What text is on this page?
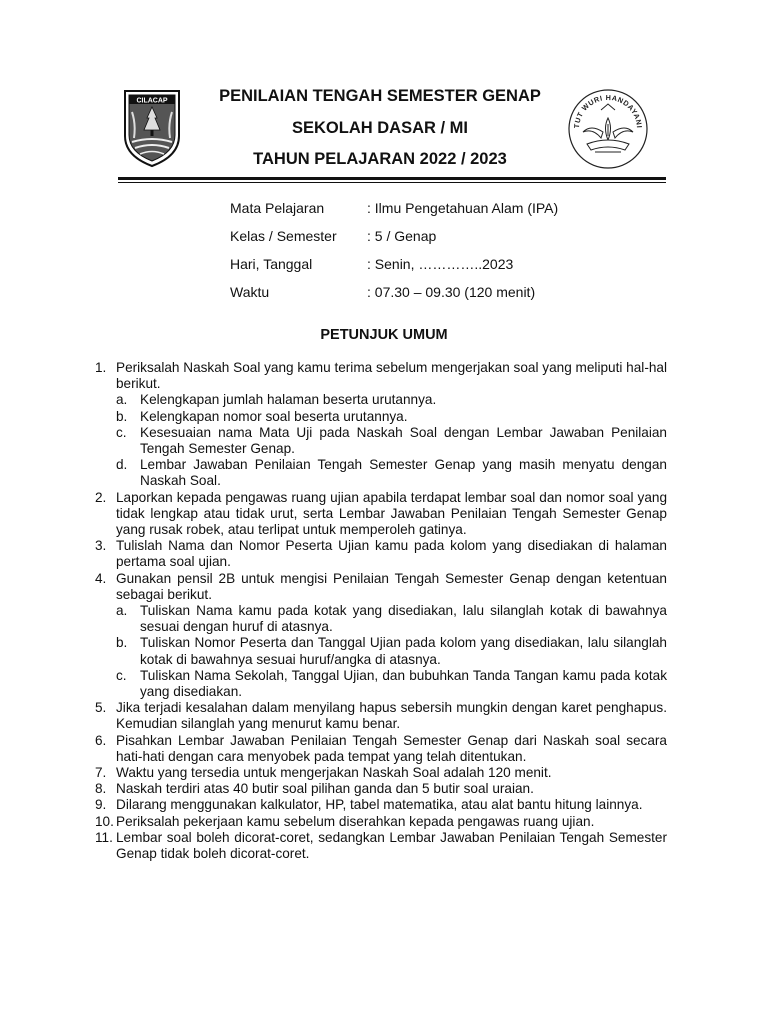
CILACAP	PENILAIAN TENGAH SEMESTER GENAP
SEKOLAH DASAR / MI
TAHUN PELAJARAN 2022 / 2023
TUT WURI HANDAYANI
Mata Pelajaran	: Ilmu Pengetahuan Alam (IPA)
Kelas / Semester	: 5 / Genap
Hari, Tanggal	: Senin, …………..2023
Waktu	: 07.30 – 09.30 (120 menit)
PETUNJUK UMUM
1. Periksalah Naskah Soal yang kamu terima sebelum mengerjakan soal yang meliputi hal-hal berikut.
a. Kelengkapan jumlah halaman beserta urutannya.
b. Kelengkapan nomor soal beserta urutannya.
c. Kesesuaian nama Mata Uji pada Naskah Soal dengan Lembar Jawaban Penilaian Tengah Semester Genap.
d. Lembar Jawaban Penilaian Tengah Semester Genap yang masih menyatu dengan Naskah Soal.
2. Laporkan kepada pengawas ruang ujian apabila terdapat lembar soal dan nomor soal yang tidak lengkap atau tidak urut, serta Lembar Jawaban Penilaian Tengah Semester Genap yang rusak robek, atau terlipat untuk memperoleh gatinya.
3. Tulislah Nama dan Nomor Peserta Ujian kamu pada kolom yang disediakan di halaman pertama soal ujian.
4. Gunakan pensil 2B untuk mengisi Penilaian Tengah Semester Genap dengan ketentuan sebagai berikut.
a. Tuliskan Nama kamu pada kotak yang disediakan, lalu silanglah kotak di bawahnya sesuai dengan huruf di atasnya.
b. Tuliskan Nomor Peserta dan Tanggal Ujian pada kolom yang disediakan, lalu silanglah kotak di bawahnya sesuai huruf/angka di atasnya.
c. Tuliskan Nama Sekolah, Tanggal Ujian, dan bubuhkan Tanda Tangan kamu pada kotak yang disediakan.
5. Jika terjadi kesalahan dalam menyilang hapus sebersih mungkin dengan karet penghapus. Kemudian silanglah yang menurut kamu benar.
6. Pisahkan Lembar Jawaban Penilaian Tengah Semester Genap dari Naskah soal secara hati-hati dengan cara menyobek pada tempat yang telah ditentukan.
7. Waktu yang tersedia untuk mengerjakan Naskah Soal adalah 120 menit.
8. Naskah terdiri atas 40 butir soal pilihan ganda dan 5 butir soal uraian.
9. Dilarang menggunakan kalkulator, HP, tabel matematika, atau alat bantu hitung lainnya.
10. Periksalah pekerjaan kamu sebelum diserahkan kepada pengawas ruang ujian.
11. Lembar soal boleh dicorat-coret, sedangkan Lembar Jawaban Penilaian Tengah Semester Genap tidak boleh dicorat-coret.
